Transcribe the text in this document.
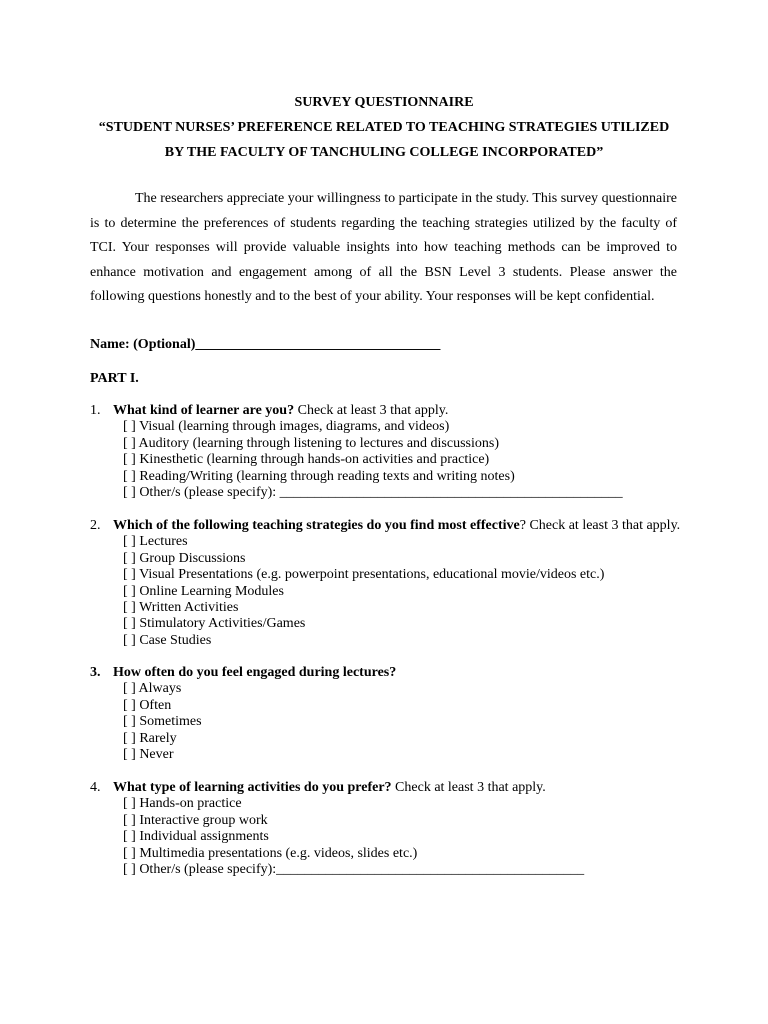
SURVEY QUESTIONNAIRE
“STUDENT NURSES’ PREFERENCE RELATED TO TEACHING STRATEGIES UTILIZED
BY THE FACULTY OF TANCHULING COLLEGE INCORPORATED”
The researchers appreciate your willingness to participate in the study. This survey questionnaire is to determine the preferences of students regarding the teaching strategies utilized by the faculty of TCI. Your responses will provide valuable insights into how teaching methods can be improved to enhance motivation and engagement among of all the BSN Level 3 students. Please answer the following questions honestly and to the best of your ability. Your responses will be kept confidential.
Name: (Optional)___________________________________
PART I.
1. What kind of learner are you? Check at least 3 that apply.
[ ] Visual (learning through images, diagrams, and videos)
[ ] Auditory (learning through listening to lectures and discussions)
[ ] Kinesthetic (learning through hands-on activities and practice)
[ ] Reading/Writing (learning through reading texts and writing notes)
[ ] Other/s (please specify): _________________________________________________
2. Which of the following teaching strategies do you find most effective? Check at least 3 that apply.
[ ] Lectures
[ ] Group Discussions
[ ] Visual Presentations (e.g. powerpoint presentations, educational movie/videos etc.)
[ ] Online Learning Modules
[ ] Written Activities
[ ] Stimulatory Activities/Games
[ ] Case Studies
3. How often do you feel engaged during lectures?
[ ] Always
[ ] Often
[ ] Sometimes
[ ] Rarely
[ ] Never
4. What type of learning activities do you prefer? Check at least 3 that apply.
[ ] Hands-on practice
[ ] Interactive group work
[ ] Individual assignments
[ ] Multimedia presentations (e.g. videos, slides etc.)
[ ] Other/s (please specify):____________________________________________
